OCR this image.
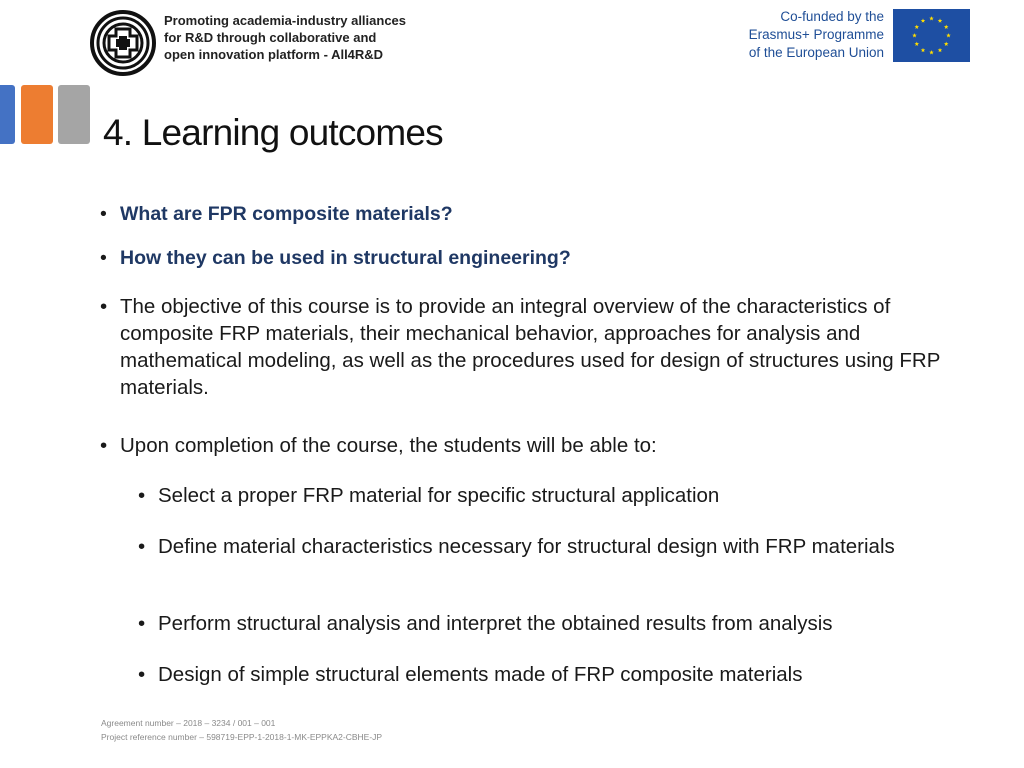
Promoting academia-industry alliances
for R&D through collaborative and
open innovation platform - All4R&D
Co-funded by the
Erasmus+ Programme
of the European Union
4. Learning outcomes
• What are FPR composite materials?
• How they can be used in structural engineering?
• The objective of this course is to provide an integral overview of the characteristics of composite FRP materials, their mechanical behavior, approaches for analysis and mathematical modeling, as well as the procedures used for design of structures using FRP materials.
• Upon completion of the course, the students will be able to:
• Select a proper FRP material for specific structural application
• Define material characteristics necessary for structural design with FRP materials
• Perform structural analysis and interpret the obtained results from analysis
• Design of simple structural elements made of FRP composite materials
Agreement number – 2018 – 3234 / 001 – 001
Project reference number – 598719-EPP-1-2018-1-MK-EPPKA2-CBHE-JP
